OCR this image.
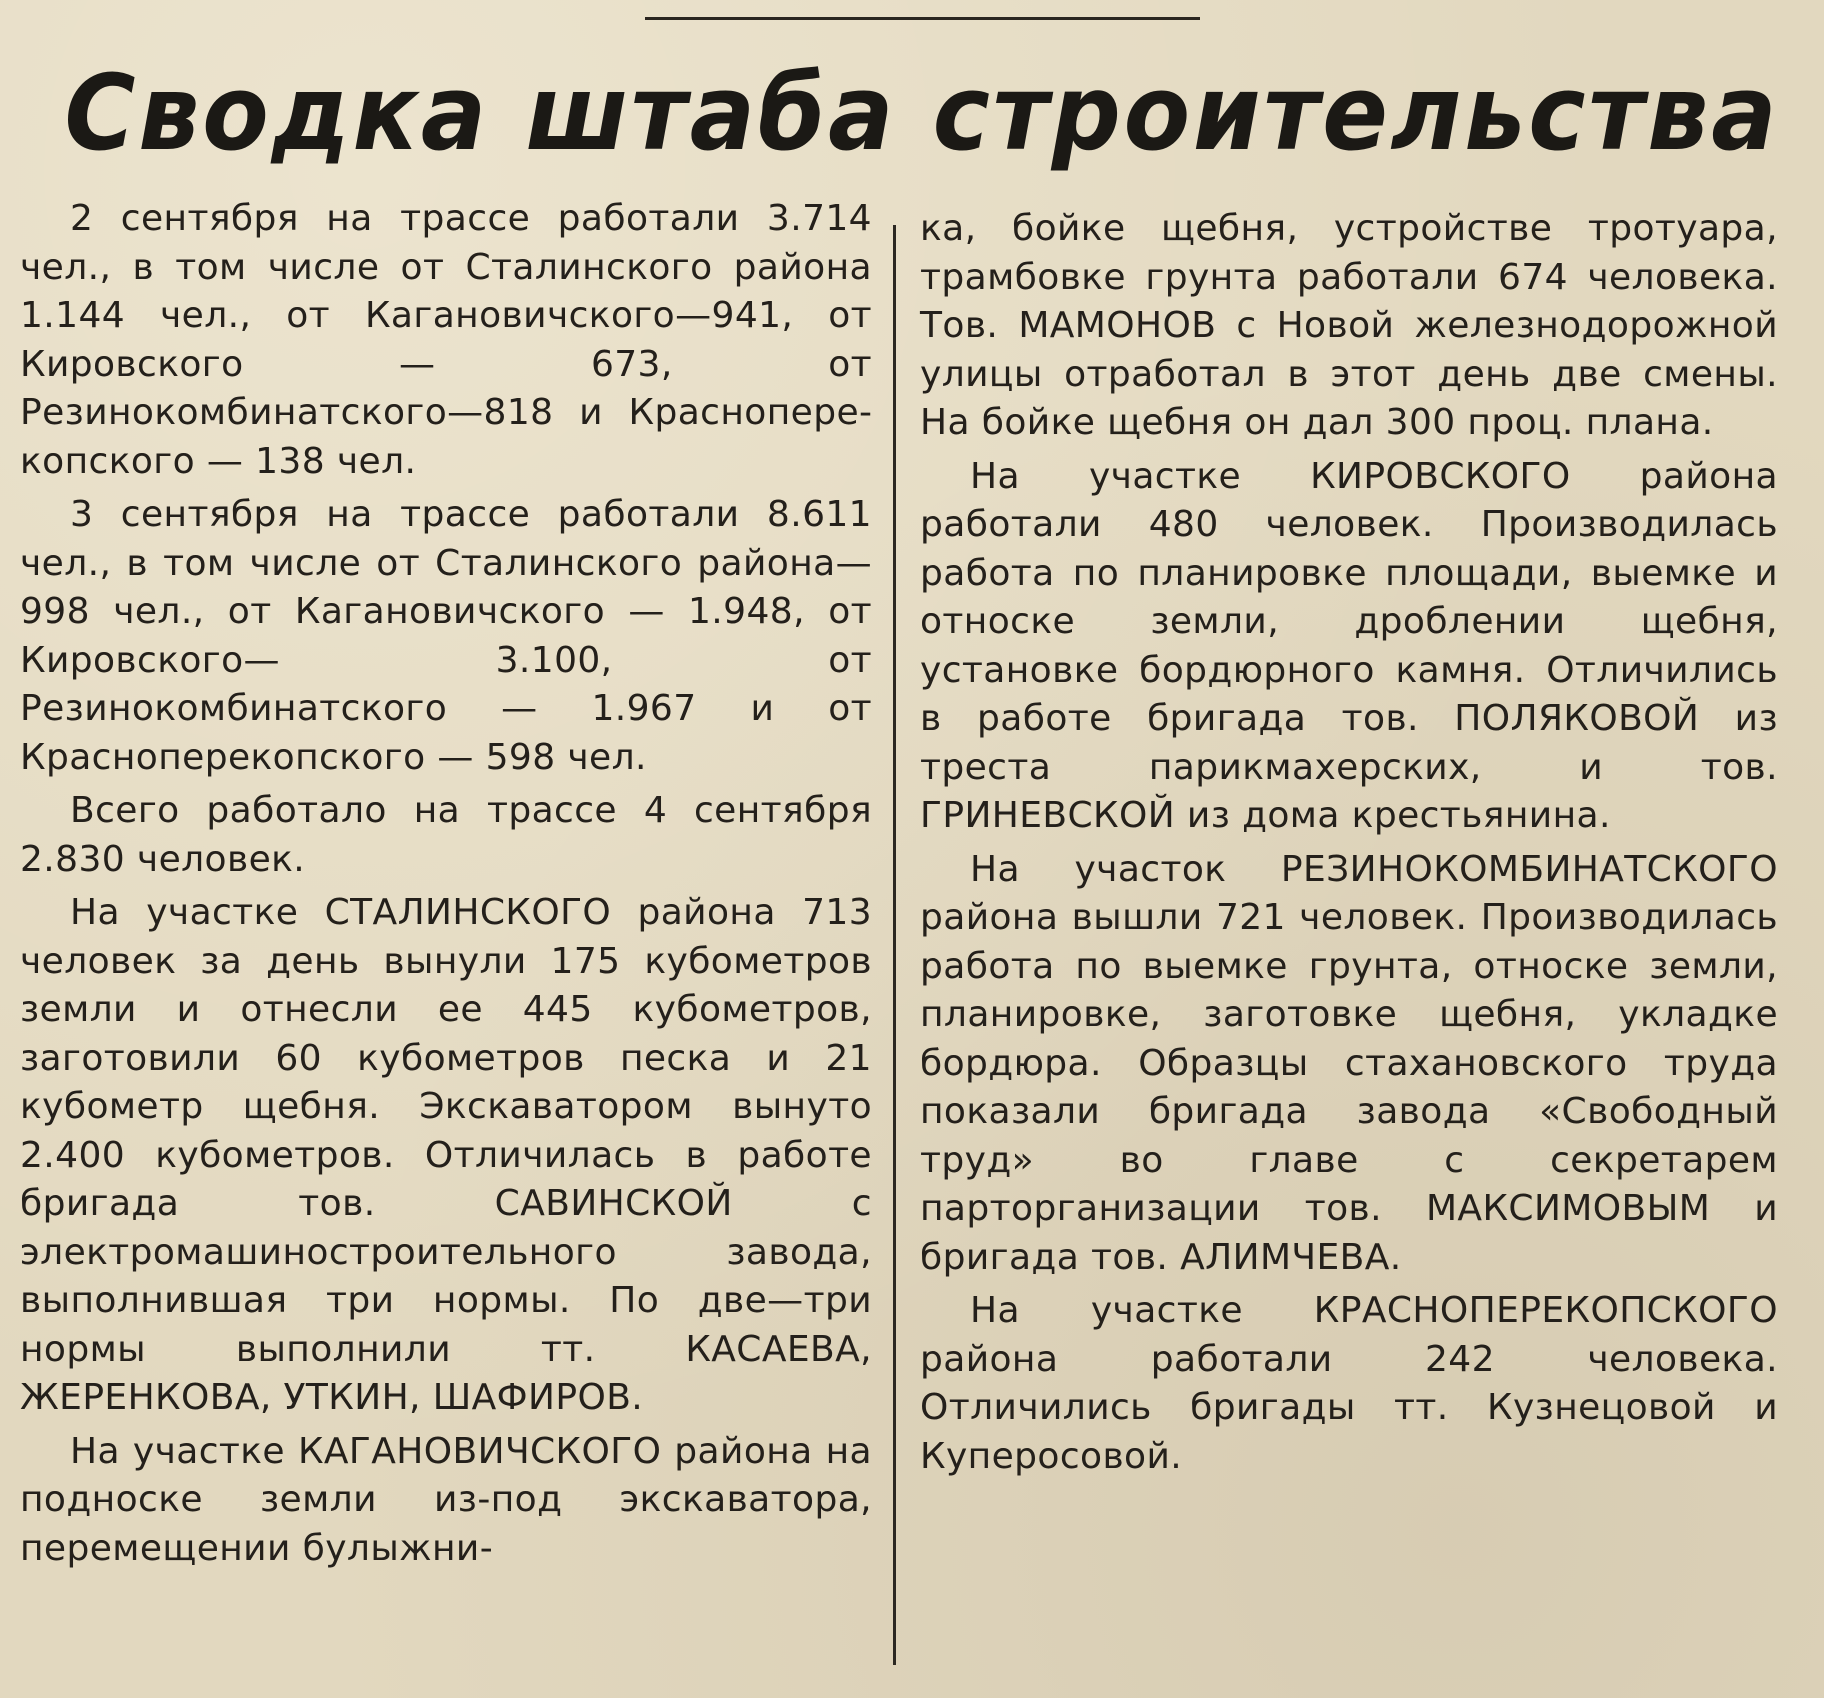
Сводка штаба строительства

2 сентября на трассе работали 3.714 чел., в том числе от Сталинского района 1.144 чел., от Кагановичского—941, от Кировского — 673, от Резинокомбинатского—818 и Красноперекопского — 138 чел.

3 сентября на трассе работали 8.611 чел., в том числе от Сталинского района—998 чел., от Кагановичского — 1.948, от Кировского— 3.100, от Резинокомбинатского — 1.967 и от Красноперекопского — 598 чел.

Всего работало на трассе 4 сентября 2.830 человек.

На участке СТАЛИНСКОГО района 713 человек за день вынули 175 кубометров земли и отнесли ее 445 кубометров, заготовили 60 кубометров песка и 21 кубометр щебня. Экскаватором вынуто 2.400 кубометров. Отличилась в работе бригада тов. САВИНСКОЙ с электромашиностроительного завода, выполнившая три нормы. По две—три нормы выполнили тт. КАСАЕВА, ЖЕРЕНКОВА, УТКИН, ШАФИРОВ.

На участке КАГАНОВИЧСКОГО района на подноске земли из-под экскаватора, перемещении булыжни-

ка, бойке щебня, устройстве тротуара, трамбовке грунта работали 674 человека. Тов. МАМОНОВ с Новой железнодорожной улицы отработал в этот день две смены. На бойке щебня он дал 300 проц. плана.

На участке КИРОВСКОГО района работали 480 человек. Производилась работа по планировке площади, выемке и относке земли, дроблении щебня, установке бордюрного камня. Отличились в работе бригада тов. ПОЛЯКОВОЙ из треста парикмахерских, и тов. ГРИНЕВСКОЙ из дома крестьянина.

На участок РЕЗИНОКОМБИНАТСКОГО района вышли 721 человек. Производилась работа по выемке грунта, относке земли, планировке, заготовке щебня, укладке бордюра. Образцы стахановского труда показали бригада завода «Свободный труд» во главе с секретарем парторганизации тов. МАКСИМОВЫМ и бригада тов. АЛИМЧЕВА.

На участке КРАСНОПЕРЕКОПСКОГО района работали 242 человека. Отличились бригады тт. Кузнецовой и Куперосовой.
